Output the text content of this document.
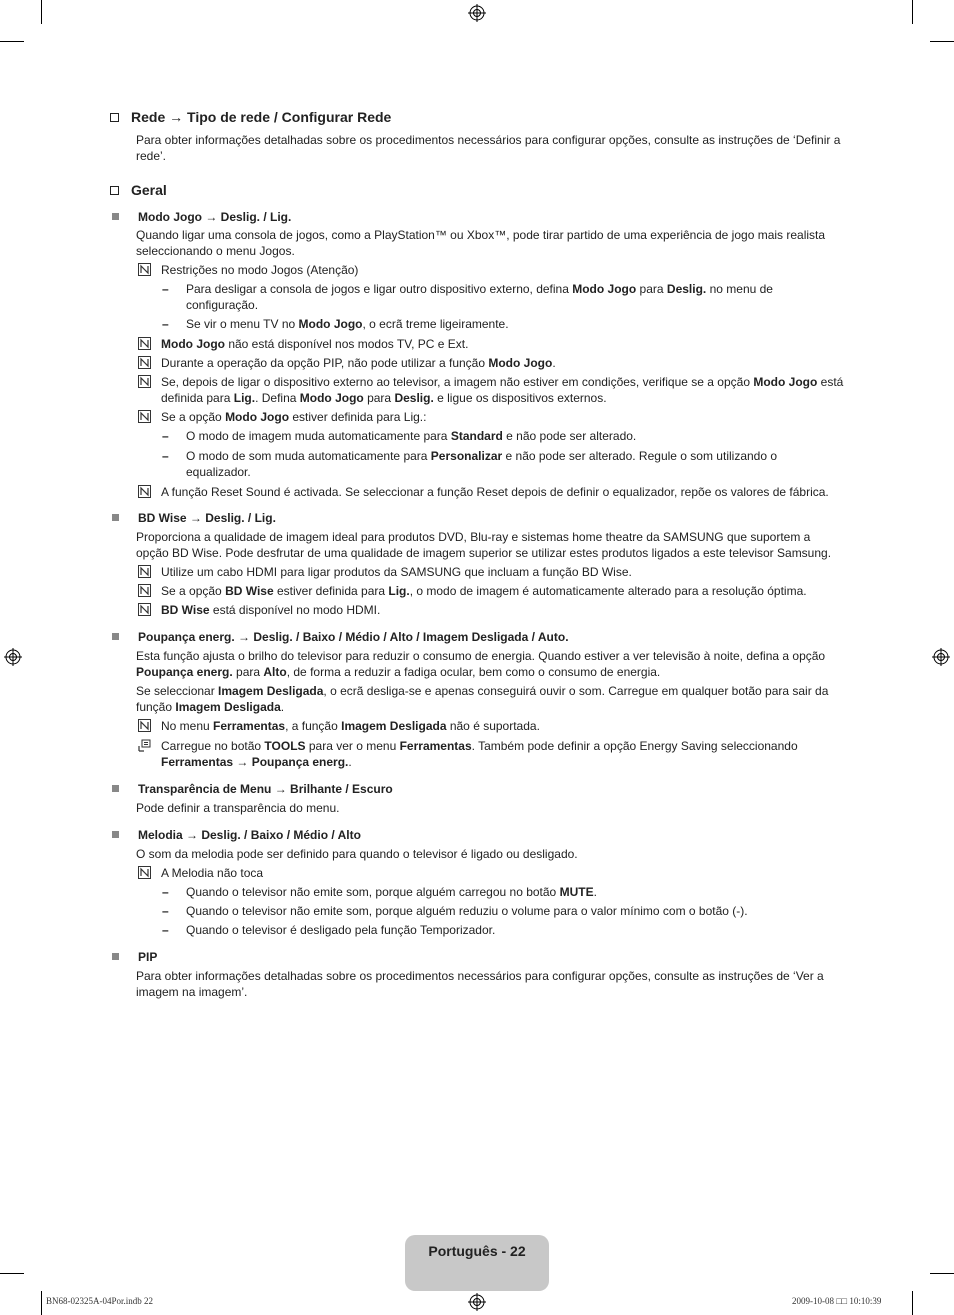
Rede → Tipo de rede / Configurar Rede
Para obter informações detalhadas sobre os procedimentos necessários para configurar opções, consulte as instruções de ‘Definir a rede’.
Geral
Modo Jogo → Deslig. / Lig.
Quando ligar uma consola de jogos, como a PlayStation™ ou Xbox™, pode tirar partido de uma experiência de jogo mais realista seleccionando o menu Jogos.
Restrições no modo Jogos (Atenção)
–	Para desligar a consola de jogos e ligar outro dispositivo externo, defina Modo Jogo para Deslig. no menu de configuração.
–	Se vir o menu TV no Modo Jogo, o ecrã treme ligeiramente.
Modo Jogo não está disponível nos modos TV, PC e Ext.
Durante a operação da opção PIP, não pode utilizar a função Modo Jogo.
Se, depois de ligar o dispositivo externo ao televisor, a imagem não estiver em condições, verifique se a opção Modo Jogo está definida para Lig.. Defina Modo Jogo para Deslig. e ligue os dispositivos externos.
Se a opção Modo Jogo estiver definida para Lig.:
–	O modo de imagem muda automaticamente para Standard e não pode ser alterado.
–	O modo de som muda automaticamente para Personalizar e não pode ser alterado. Regule o som utilizando o equalizador.
A função Reset Sound é activada. Se seleccionar a função Reset depois de definir o equalizador, repõe os valores de fábrica.
BD Wise → Deslig. / Lig.
Proporciona a qualidade de imagem ideal para produtos DVD, Blu-ray e sistemas home theatre da SAMSUNG que suportem a opção BD Wise. Pode desfrutar de uma qualidade de imagem superior se utilizar estes produtos ligados a este televisor Samsung.
Utilize um cabo HDMI para ligar produtos da SAMSUNG que incluam a função BD Wise.
Se a opção BD Wise estiver definida para Lig., o modo de imagem é automaticamente alterado para a resolução óptima.
BD Wise está disponível no modo HDMI.
Poupança energ. → Deslig. / Baixo / Médio / Alto / Imagem Desligada / Auto.
Esta função ajusta o brilho do televisor para reduzir o consumo de energia. Quando estiver a ver televisão à noite, defina a opção Poupança energ. para Alto, de forma a reduzir a fadiga ocular, bem como o consumo de energia.
Se seleccionar Imagem Desligada, o ecrã desliga-se e apenas conseguirá ouvir o som. Carregue em qualquer botão para sair da função Imagem Desligada.
No menu Ferramentas, a função Imagem Desligada não é suportada.
Carregue no botão TOOLS para ver o menu Ferramentas. Também pode definir a opção Energy Saving seleccionando Ferramentas → Poupança energ..
Transparência de Menu → Brilhante / Escuro
Pode definir a transparência do menu.
Melodia → Deslig. / Baixo / Médio / Alto
O som da melodia pode ser definido para quando o televisor é ligado ou desligado.
A Melodia não toca
–	Quando o televisor não emite som, porque alguém carregou no botão MUTE.
–	Quando o televisor não emite som, porque alguém reduziu o volume para o valor mínimo com o botão (-).
–	Quando o televisor é desligado pela função Temporizador.
PIP
Para obter informações detalhadas sobre os procedimentos necessários para configurar opções, consulte as instruções de ‘Ver a imagem na imagem’.
Português - 22
BN68-02325A-04Por.indb 22	2009-10-08 □□ 10:10:39
